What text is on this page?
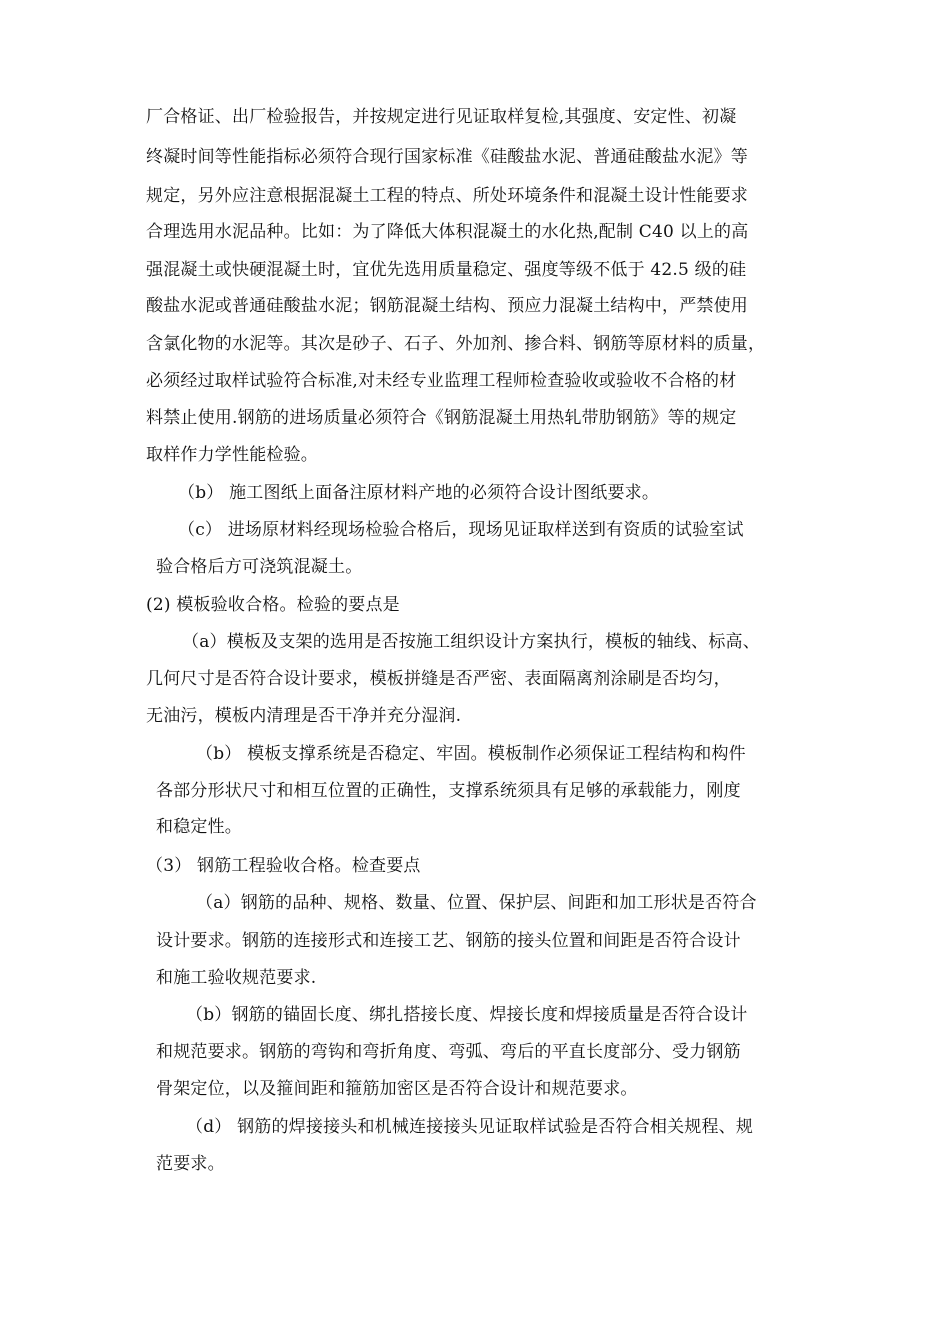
厂合格证、出厂检验报告，并按规定进行见证取样复检,其强度、安定性、初凝
终凝时间等性能指标必须符合现行国家标准《硅酸盐水泥、普通硅酸盐水泥》等
规定，另外应注意根据混凝土工程的特点、所处环境条件和混凝土设计性能要求
合理选用水泥品种。比如：为了降低大体积混凝土的水化热,配制 C40 以上的高
强混凝土或快硬混凝土时，宜优先选用质量稳定、强度等级不低于 42.5 级的硅
酸盐水泥或普通硅酸盐水泥；钢筋混凝土结构、预应力混凝土结构中，严禁使用
含氯化物的水泥等。其次是砂子、石子、外加剂、掺合料、钢筋等原材料的质量，
必须经过取样试验符合标准,对未经专业监理工程师检查验收或验收不合格的材
料禁止使用.钢筋的进场质量必须符合《钢筋混凝土用热轧带肋钢筋》等的规定
取样作力学性能检验。
（b） 施工图纸上面备注原材料产地的必须符合设计图纸要求。
（c） 进场原材料经现场检验合格后，现场见证取样送到有资质的试验室试
验合格后方可浇筑混凝土。
(2) 模板验收合格。检验的要点是
（a）模板及支架的选用是否按施工组织设计方案执行，模板的轴线、标高、
几何尺寸是否符合设计要求，模板拼缝是否严密、表面隔离剂涂刷是否均匀，
无油污，模板内清理是否干净并充分湿润.
（b） 模板支撑系统是否稳定、牢固。模板制作必须保证工程结构和构件
各部分形状尺寸和相互位置的正确性，支撑系统须具有足够的承载能力，刚度
和稳定性。
（3） 钢筋工程验收合格。检查要点
（a）钢筋的品种、规格、数量、位置、保护层、间距和加工形状是否符合
设计要求。钢筋的连接形式和连接工艺、钢筋的接头位置和间距是否符合设计
和施工验收规范要求.
（b）钢筋的锚固长度、绑扎搭接长度、焊接长度和焊接质量是否符合设计
和规范要求。钢筋的弯钩和弯折角度、弯弧、弯后的平直长度部分、受力钢筋
骨架定位，以及箍间距和箍筋加密区是否符合设计和规范要求。
（d） 钢筋的焊接接头和机械连接接头见证取样试验是否符合相关规程、规
范要求。
